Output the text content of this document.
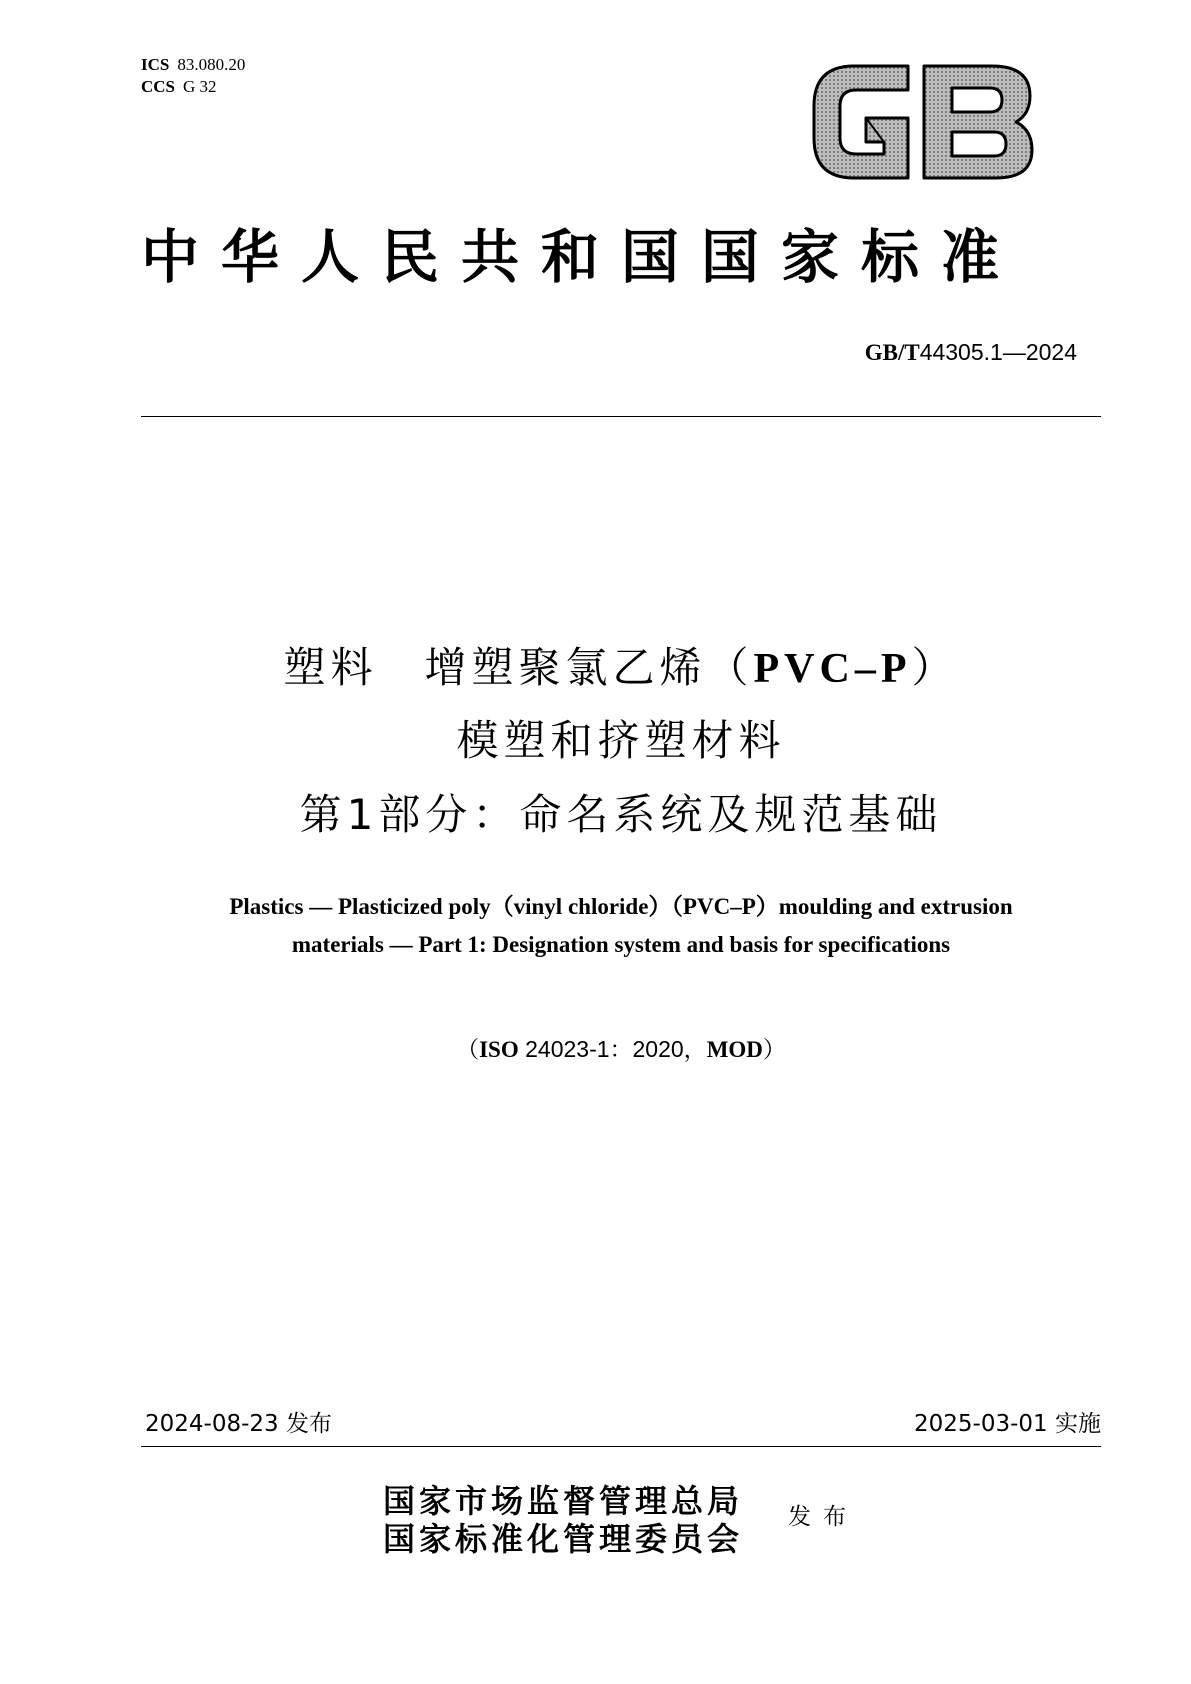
ICS 83.080.20
CCS G 32
中华人民共和国国家标准
GB/T44305.1—2024
塑料　增塑聚氯乙烯（PVC–P）
模塑和挤塑材料
第1部分：命名系统及规范基础
Plastics — Plasticized poly（vinyl chloride）（PVC–P）moulding and extrusion
materials — Part 1: Designation system and basis for specifications
（ISO 24023-1：2020，MOD）
2024-08-23 发布	2025-03-01 实施
国家市场监督管理总局
国家标准化管理委员会
发布
